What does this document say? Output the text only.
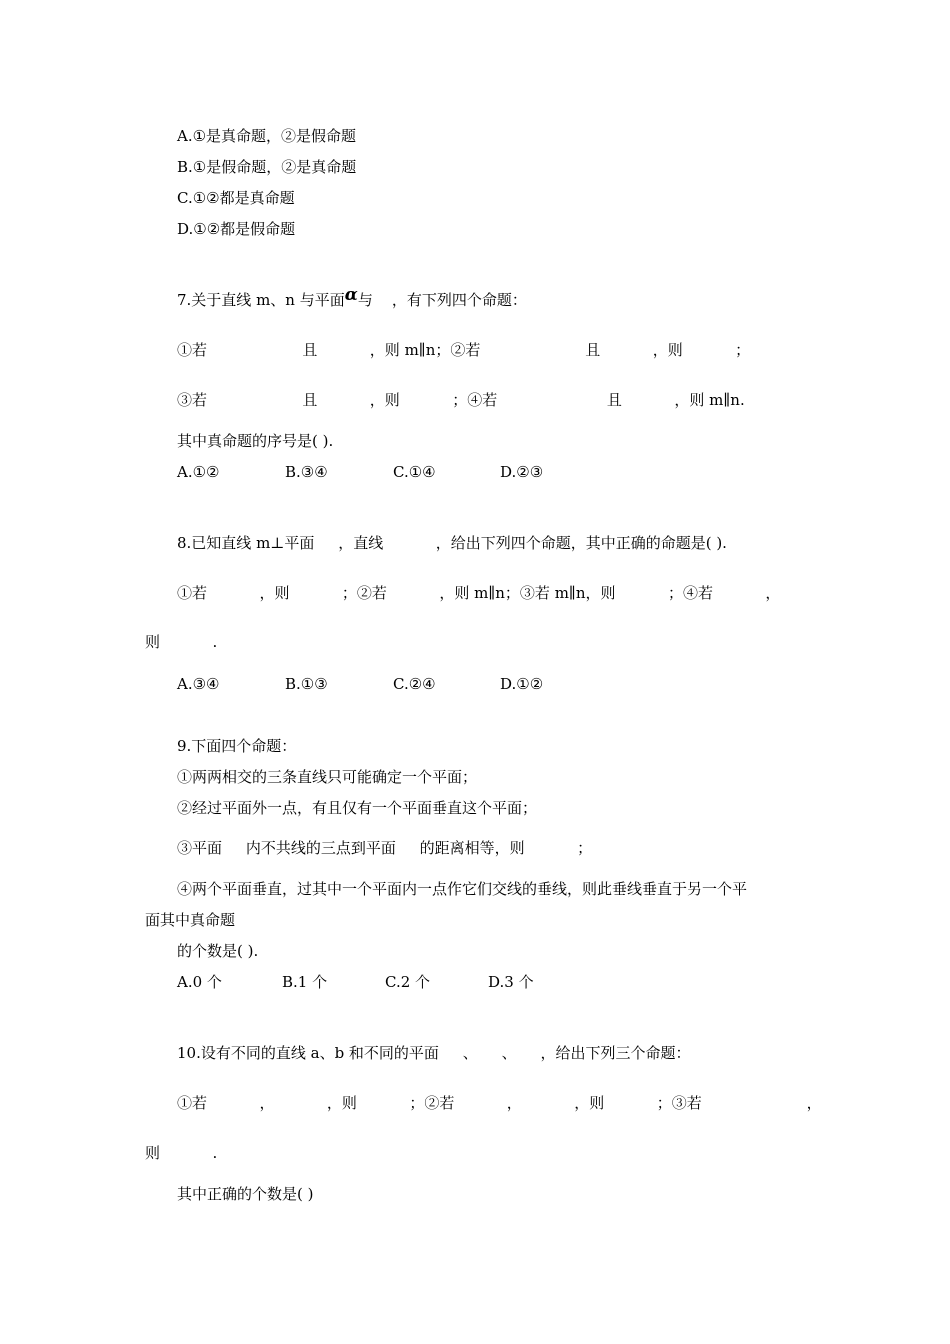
A.①是真命题，②是假命题
B.①是假命题，②是真命题
C.①②都是真命题
D.①②都是假命题
7.关于直线 m、n 与平面α与    ，有下列四个命题：
①若                    且           ，则 m∥n；②若                      且           ，则           ；
③若                    且           ，则           ；④若                       且           ，则 m∥n.
其中真命题的序号是( ).
A.①②	B.③④	C.①④	D.②③
8.已知直线 m⊥平面     ，直线           ，给出下列四个命题，其中正确的命题是( ).
①若           ，则           ；②若           ，则 m∥n；③若 m∥n，则           ；④若           ，
则           .
A.③④	B.①③	C.②④	D.①②
9.下面四个命题：
①两两相交的三条直线只可能确定一个平面；
②经过平面外一点，有且仅有一个平面垂直这个平面；
③平面     内不共线的三点到平面     的距离相等，则           ；
④两个平面垂直，过其中一个平面内一点作它们交线的垂线，则此垂线垂直于另一个平
面其中真命题
的个数是( ).
A.0 个	B.1 个	C.2 个	D.3 个
10.设有不同的直线 a、b 和不同的平面     、     、     ，给出下列三个命题：
①若           ，           ，则           ；②若           ，           ，则           ；③若                      ，
则           .
其中正确的个数是( )
